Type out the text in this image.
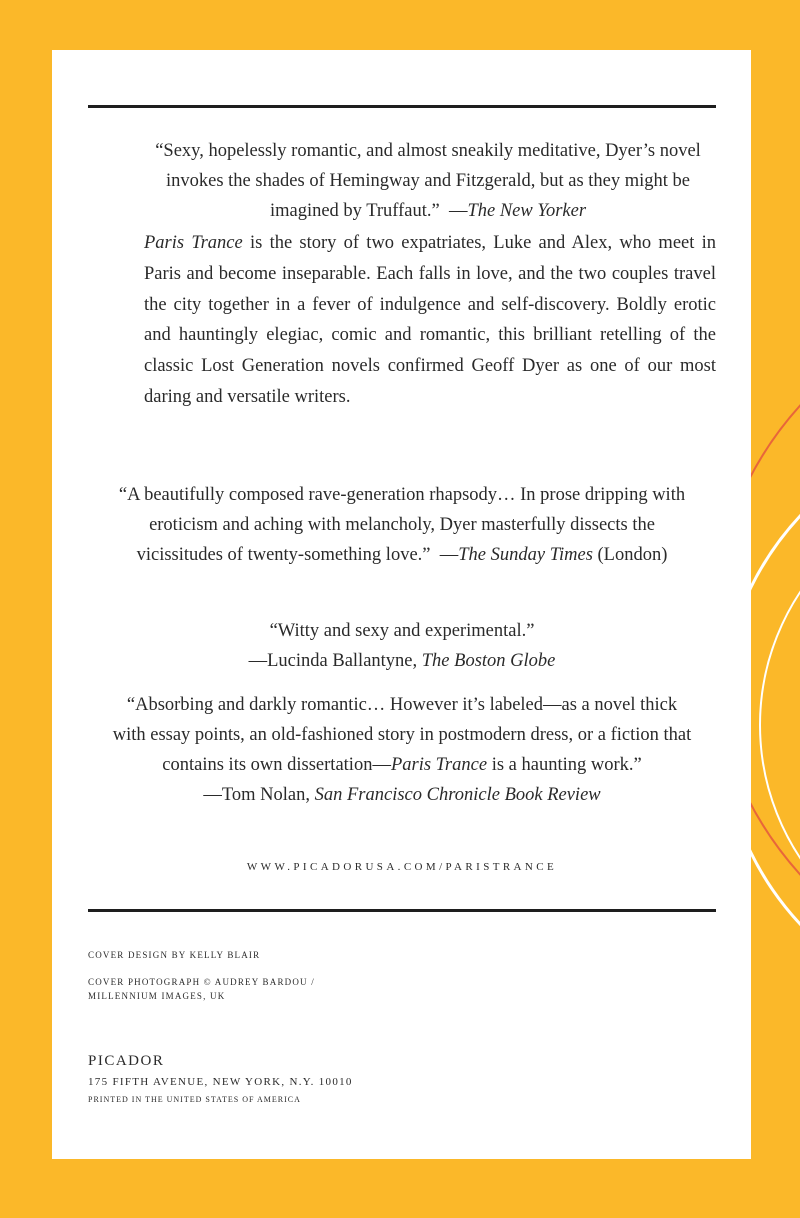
“Sexy, hopelessly romantic, and almost sneakily meditative, Dyer’s novel invokes the shades of Hemingway and Fitzgerald, but as they might be imagined by Truffaut.”  —The New Yorker
Paris Trance is the story of two expatriates, Luke and Alex, who meet in Paris and become inseparable. Each falls in love, and the two couples travel the city together in a fever of indulgence and self-discovery. Boldly erotic and hauntingly elegiac, comic and romantic, this brilliant retelling of the classic Lost Generation novels confirmed Geoff Dyer as one of our most daring and versatile writers.
“A beautifully composed rave-generation rhapsody… In prose dripping with eroticism and aching with melancholy, Dyer masterfully dissects the vicissitudes of twenty-something love.”  —The Sunday Times (London)
“Witty and sexy and experimental.”
—Lucinda Ballantyne, The Boston Globe
“Absorbing and darkly romantic… However it’s labeled—as a novel thick with essay points, an old-fashioned story in postmodern dress, or a fiction that contains its own dissertation—Paris Trance is a haunting work.”
—Tom Nolan, San Francisco Chronicle Book Review
WWW.PICADORUSA.COM/PARISTRANCE
COVER DESIGN BY KELLY BLAIR
COVER PHOTOGRAPH © AUDREY BARDOU /
MILLENNIUM IMAGES, UK
PICADOR
175 FIFTH AVENUE, NEW YORK, N.Y. 10010
PRINTED IN THE UNITED STATES OF AMERICA
